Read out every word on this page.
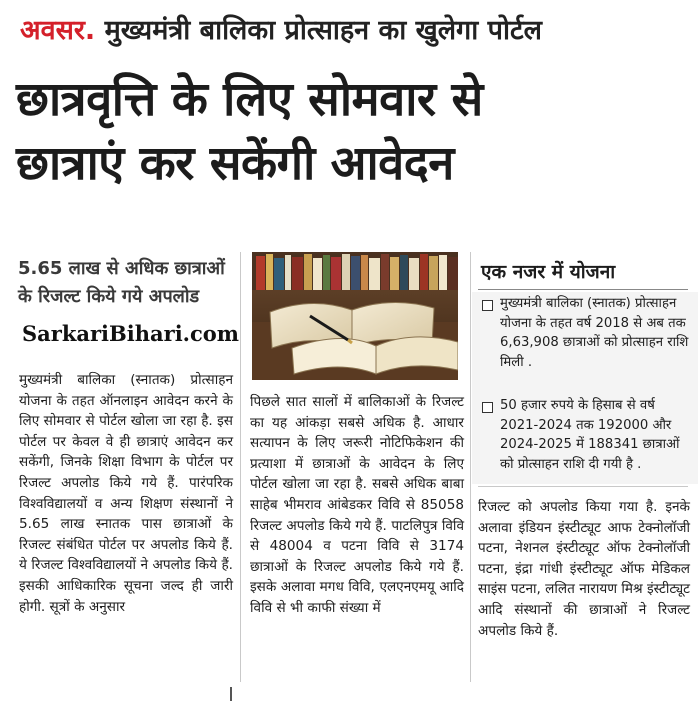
अवसर. मुख्यमंत्री बालिका प्रोत्साहन का खुलेगा पोर्टल
छात्रवृत्ति के लिए सोमवार से
छात्राएं कर सकेंगी आवेदन
5.65 लाख से अधिक छात्राओं
के रिजल्ट किये गये अपलोड
SarkariBihari.com
मुख्यमंत्री बालिका (स्नातक) प्रोत्साहन योजना के तहत ऑनलाइन आवेदन करने के लिए सोमवार से पोर्टल खोला जा रहा है. इस पोर्टल पर केवल वे ही छात्राएं आवेदन कर सकेंगी, जिनके शिक्षा विभाग के पोर्टल पर रिजल्ट अपलोड किये गये हैं. पारंपरिक विश्वविद्यालयों व अन्य शिक्षण संस्थानों ने 5.65 लाख स्नातक पास छात्राओं के रिजल्ट संबंधित पोर्टल पर अपलोड किये हैं. ये रिजल्ट विश्वविद्यालयों ने अपलोड किये हैं. इसकी आधिकारिक सूचना जल्द ही जारी होगी. सूत्रों के अनुसार
पिछले सात सालों में बालिकाओं के रिजल्ट का यह आंकड़ा सबसे अधिक है. आधार सत्यापन के लिए जरूरी नोटिफिकेशन की प्रत्याशा में छात्राओं के आवेदन के लिए पोर्टल खोला जा रहा है. सबसे अधिक बाबा साहेब भीमराव आंबेडकर विवि से 85058 रिजल्ट अपलोड किये गये हैं. पाटलिपुत्र विवि से 48004 व पटना विवि से 3174 छात्राओं के रिजल्ट अपलोड किये गये हैं. इसके अलावा मगध विवि, एलएनएमयू आदि विवि से भी काफी संख्या में
एक नजर में योजना
मुख्यमंत्री बालिका (स्नातक) प्रोत्साहन योजना के तहत वर्ष 2018 से अब तक 6,63,908 छात्राओं को प्रोत्साहन राशि मिली .
50 हजार रुपये के हिसाब से वर्ष 2021-2024 तक 192000 और 2024-2025 में 188341 छात्राओं को प्रोत्साहन राशि दी गयी है .
रिजल्ट को अपलोड किया गया है. इनके अलावा इंडियन इंस्टीट्यूट आफ टेक्नोलॉजी पटना, नेशनल इंस्टीट्यूट ऑफ टेक्नोलॉजी पटना, इंद्रा गांधी इंस्टीट्यूट ऑफ मेडिकल साइंस पटना, ललित नारायण मिश्र इंस्टीट्यूट आदि संस्थानों की छात्राओं ने रिजल्ट अपलोड किये हैं.
